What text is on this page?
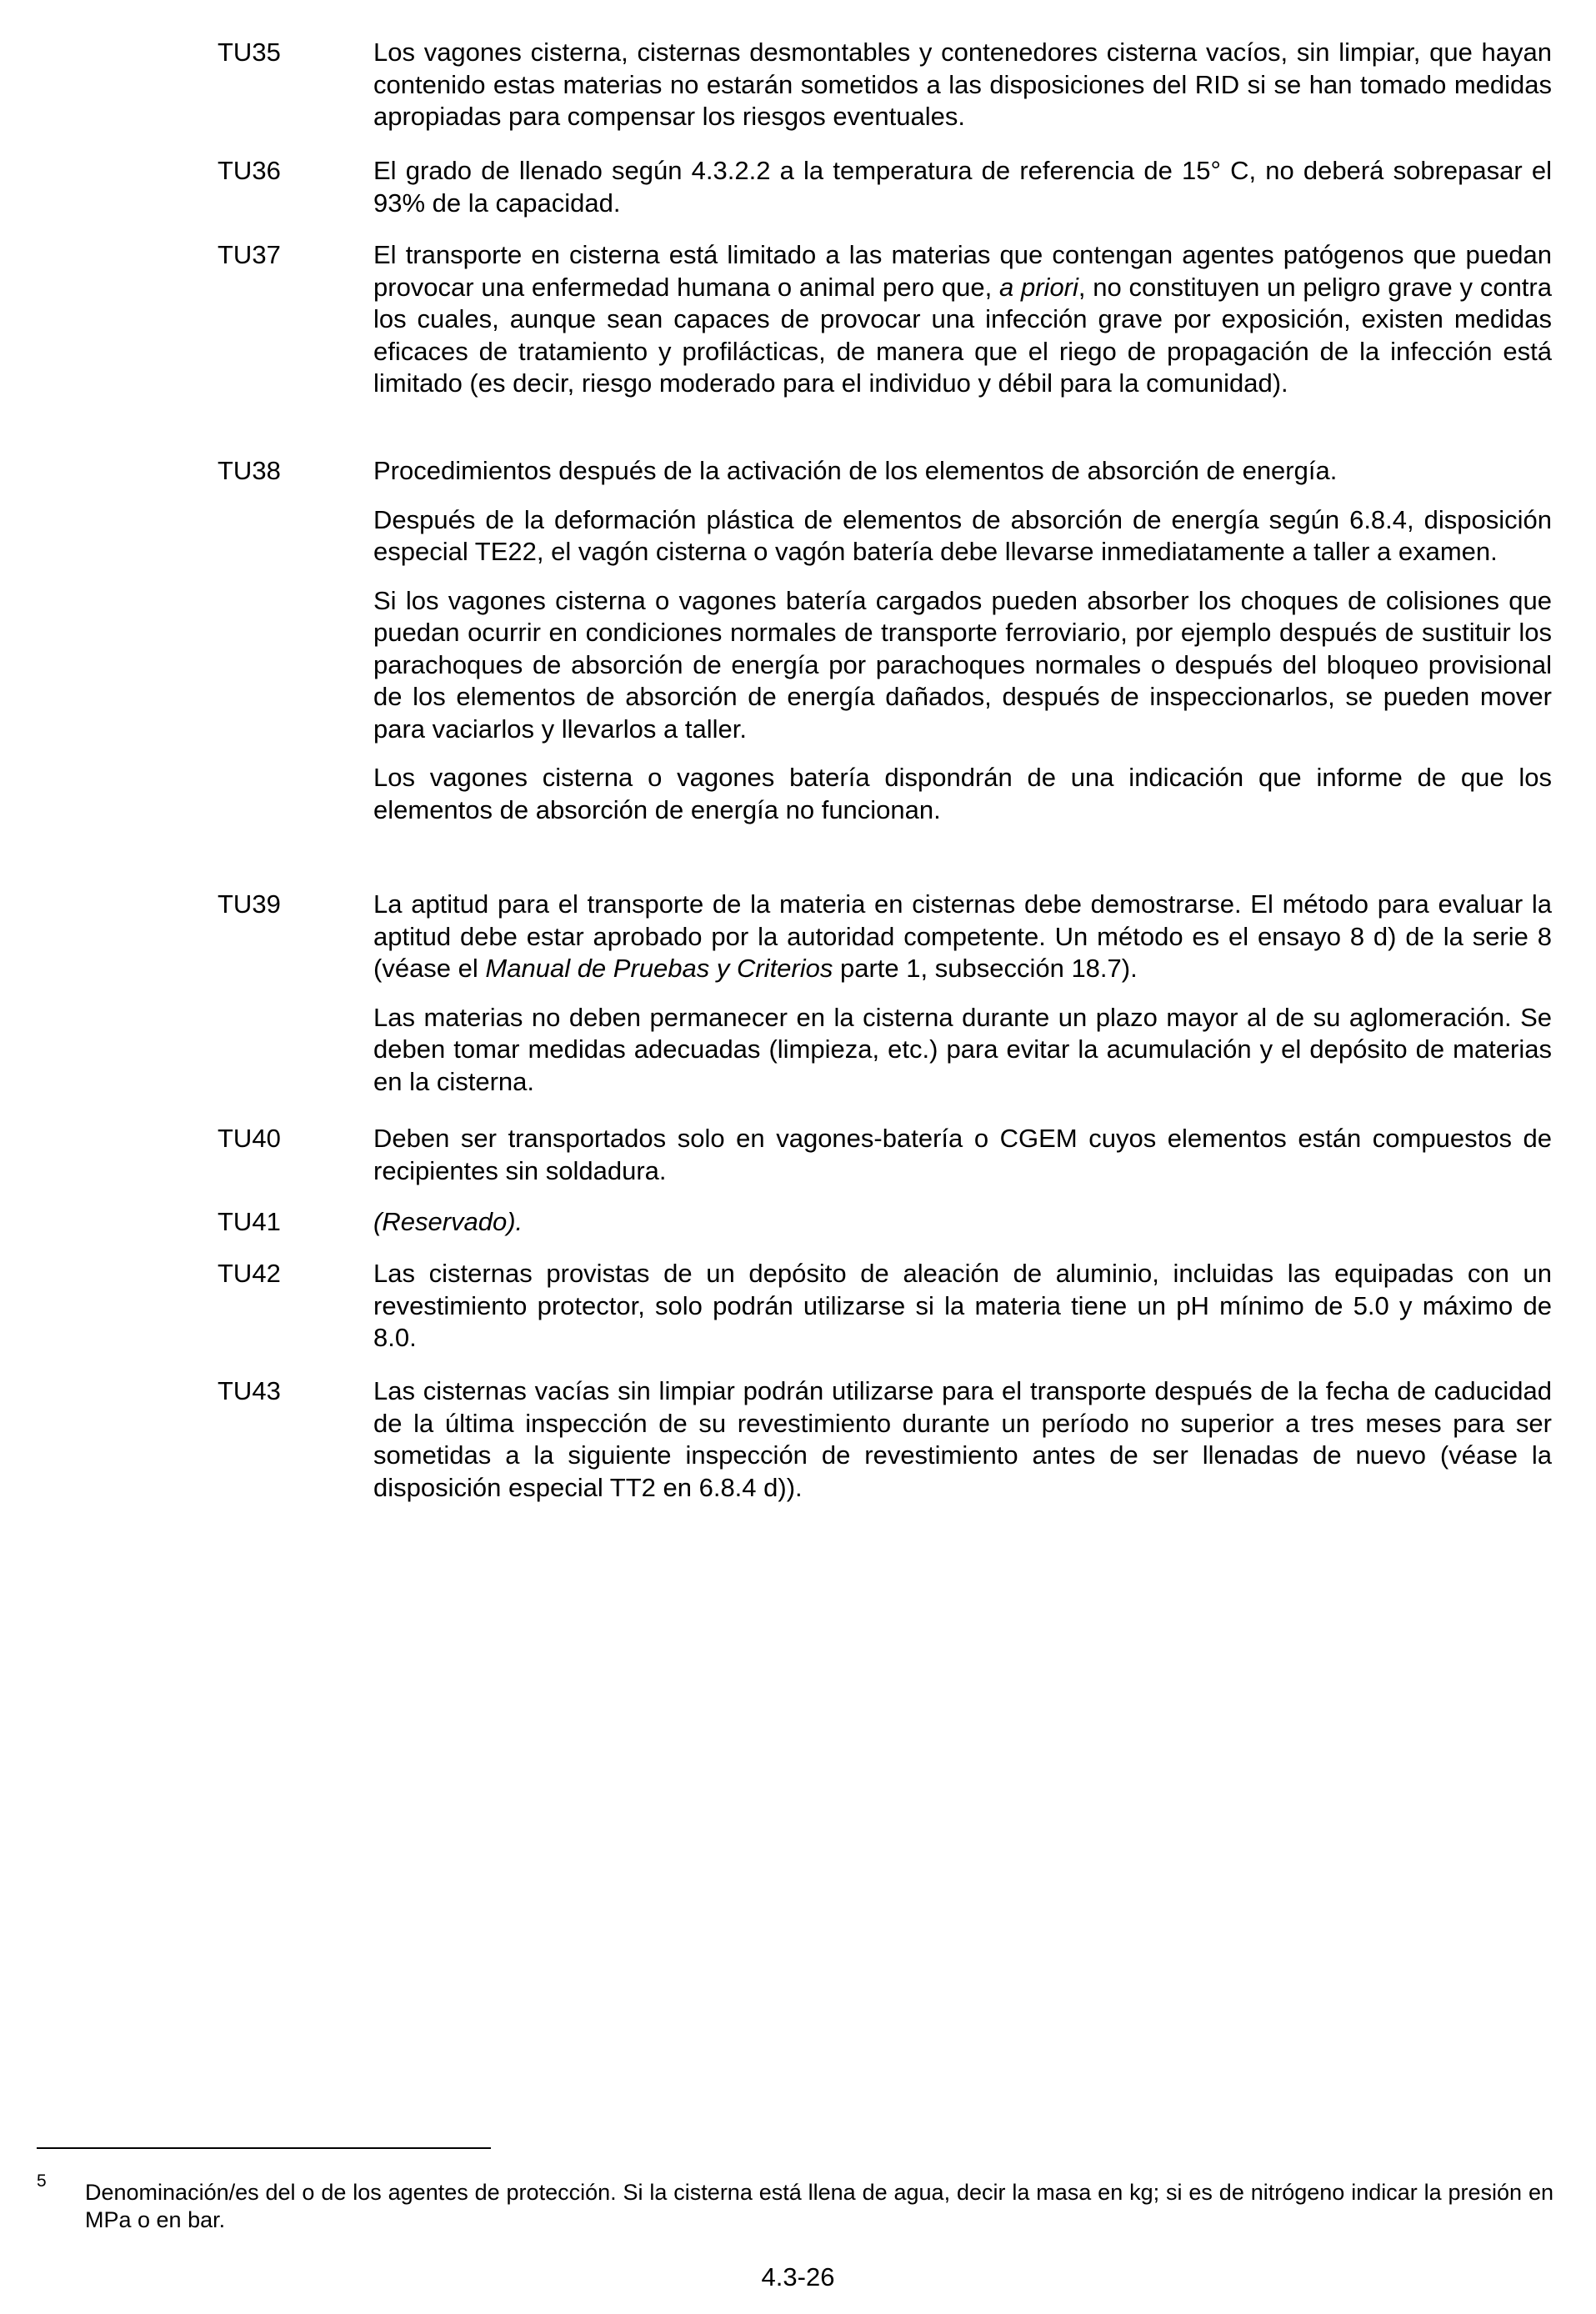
TU35	Los vagones cisterna, cisternas desmontables y contenedores cisterna vacíos, sin limpiar, que hayan contenido estas materias no estarán sometidos a las disposiciones del RID si se han tomado medidas apropiadas para compensar los riesgos eventuales.

TU36	El grado de llenado según 4.3.2.2 a la temperatura de referencia de 15° C, no deberá sobrepasar el 93% de la capacidad.

TU37	El transporte en cisterna está limitado a las materias que contengan agentes patógenos que puedan provocar una enfermedad humana o animal pero que, a priori, no constituyen un peligro grave y contra los cuales, aunque sean capaces de provocar una infección grave por exposición, existen medidas eficaces de tratamiento y profilácticas, de manera que el riego de propagación de la infección está limitado (es decir, riesgo moderado para el individuo y débil para la comunidad).

TU38	Procedimientos después de la activación de los elementos de absorción de energía.

Después de la deformación plástica de elementos de absorción de energía según 6.8.4, disposición especial TE22, el vagón cisterna o vagón batería debe llevarse inmediatamente a taller a examen.

Si los vagones cisterna o vagones batería cargados pueden absorber los choques de colisiones que puedan ocurrir en condiciones normales de transporte ferroviario, por ejemplo después de sustituir los parachoques de absorción de energía por parachoques normales o después del bloqueo provisional de los elementos de absorción de energía dañados, después de inspeccionarlos, se pueden mover para vaciarlos y llevarlos a taller.

Los vagones cisterna o vagones batería dispondrán de una indicación que informe de que los elementos de absorción de energía no funcionan.

TU39	La aptitud para el transporte de la materia en cisternas debe demostrarse. El método para evaluar la aptitud debe estar aprobado por la autoridad competente. Un método es el ensayo 8 d) de la serie 8 (véase el Manual de Pruebas y Criterios parte 1, subsección 18.7).

Las materias no deben permanecer en la cisterna durante un plazo mayor al de su aglomeración. Se deben tomar medidas adecuadas (limpieza, etc.) para evitar la acumulación y el depósito de materias en la cisterna.

TU40	Deben ser transportados solo en vagones-batería o CGEM cuyos elementos están compuestos de recipientes sin soldadura.

TU41	(Reservado).

TU42	Las cisternas provistas de un depósito de aleación de aluminio, incluidas las equipadas con un revestimiento protector, solo podrán utilizarse si la materia tiene un pH mínimo de 5.0 y máximo de 8.0.

TU43	Las cisternas vacías sin limpiar podrán utilizarse para el transporte después de la fecha de caducidad de la última inspección de su revestimiento durante un período no superior a tres meses para ser sometidas a la siguiente inspección de revestimiento antes de ser llenadas de nuevo (véase la disposición especial TT2 en 6.8.4 d)).

5 Denominación/es del o de los agentes de protección. Si la cisterna está llena de agua, decir la masa en kg; si es de nitrógeno indicar la presión en MPa o en bar.
4.3-26
